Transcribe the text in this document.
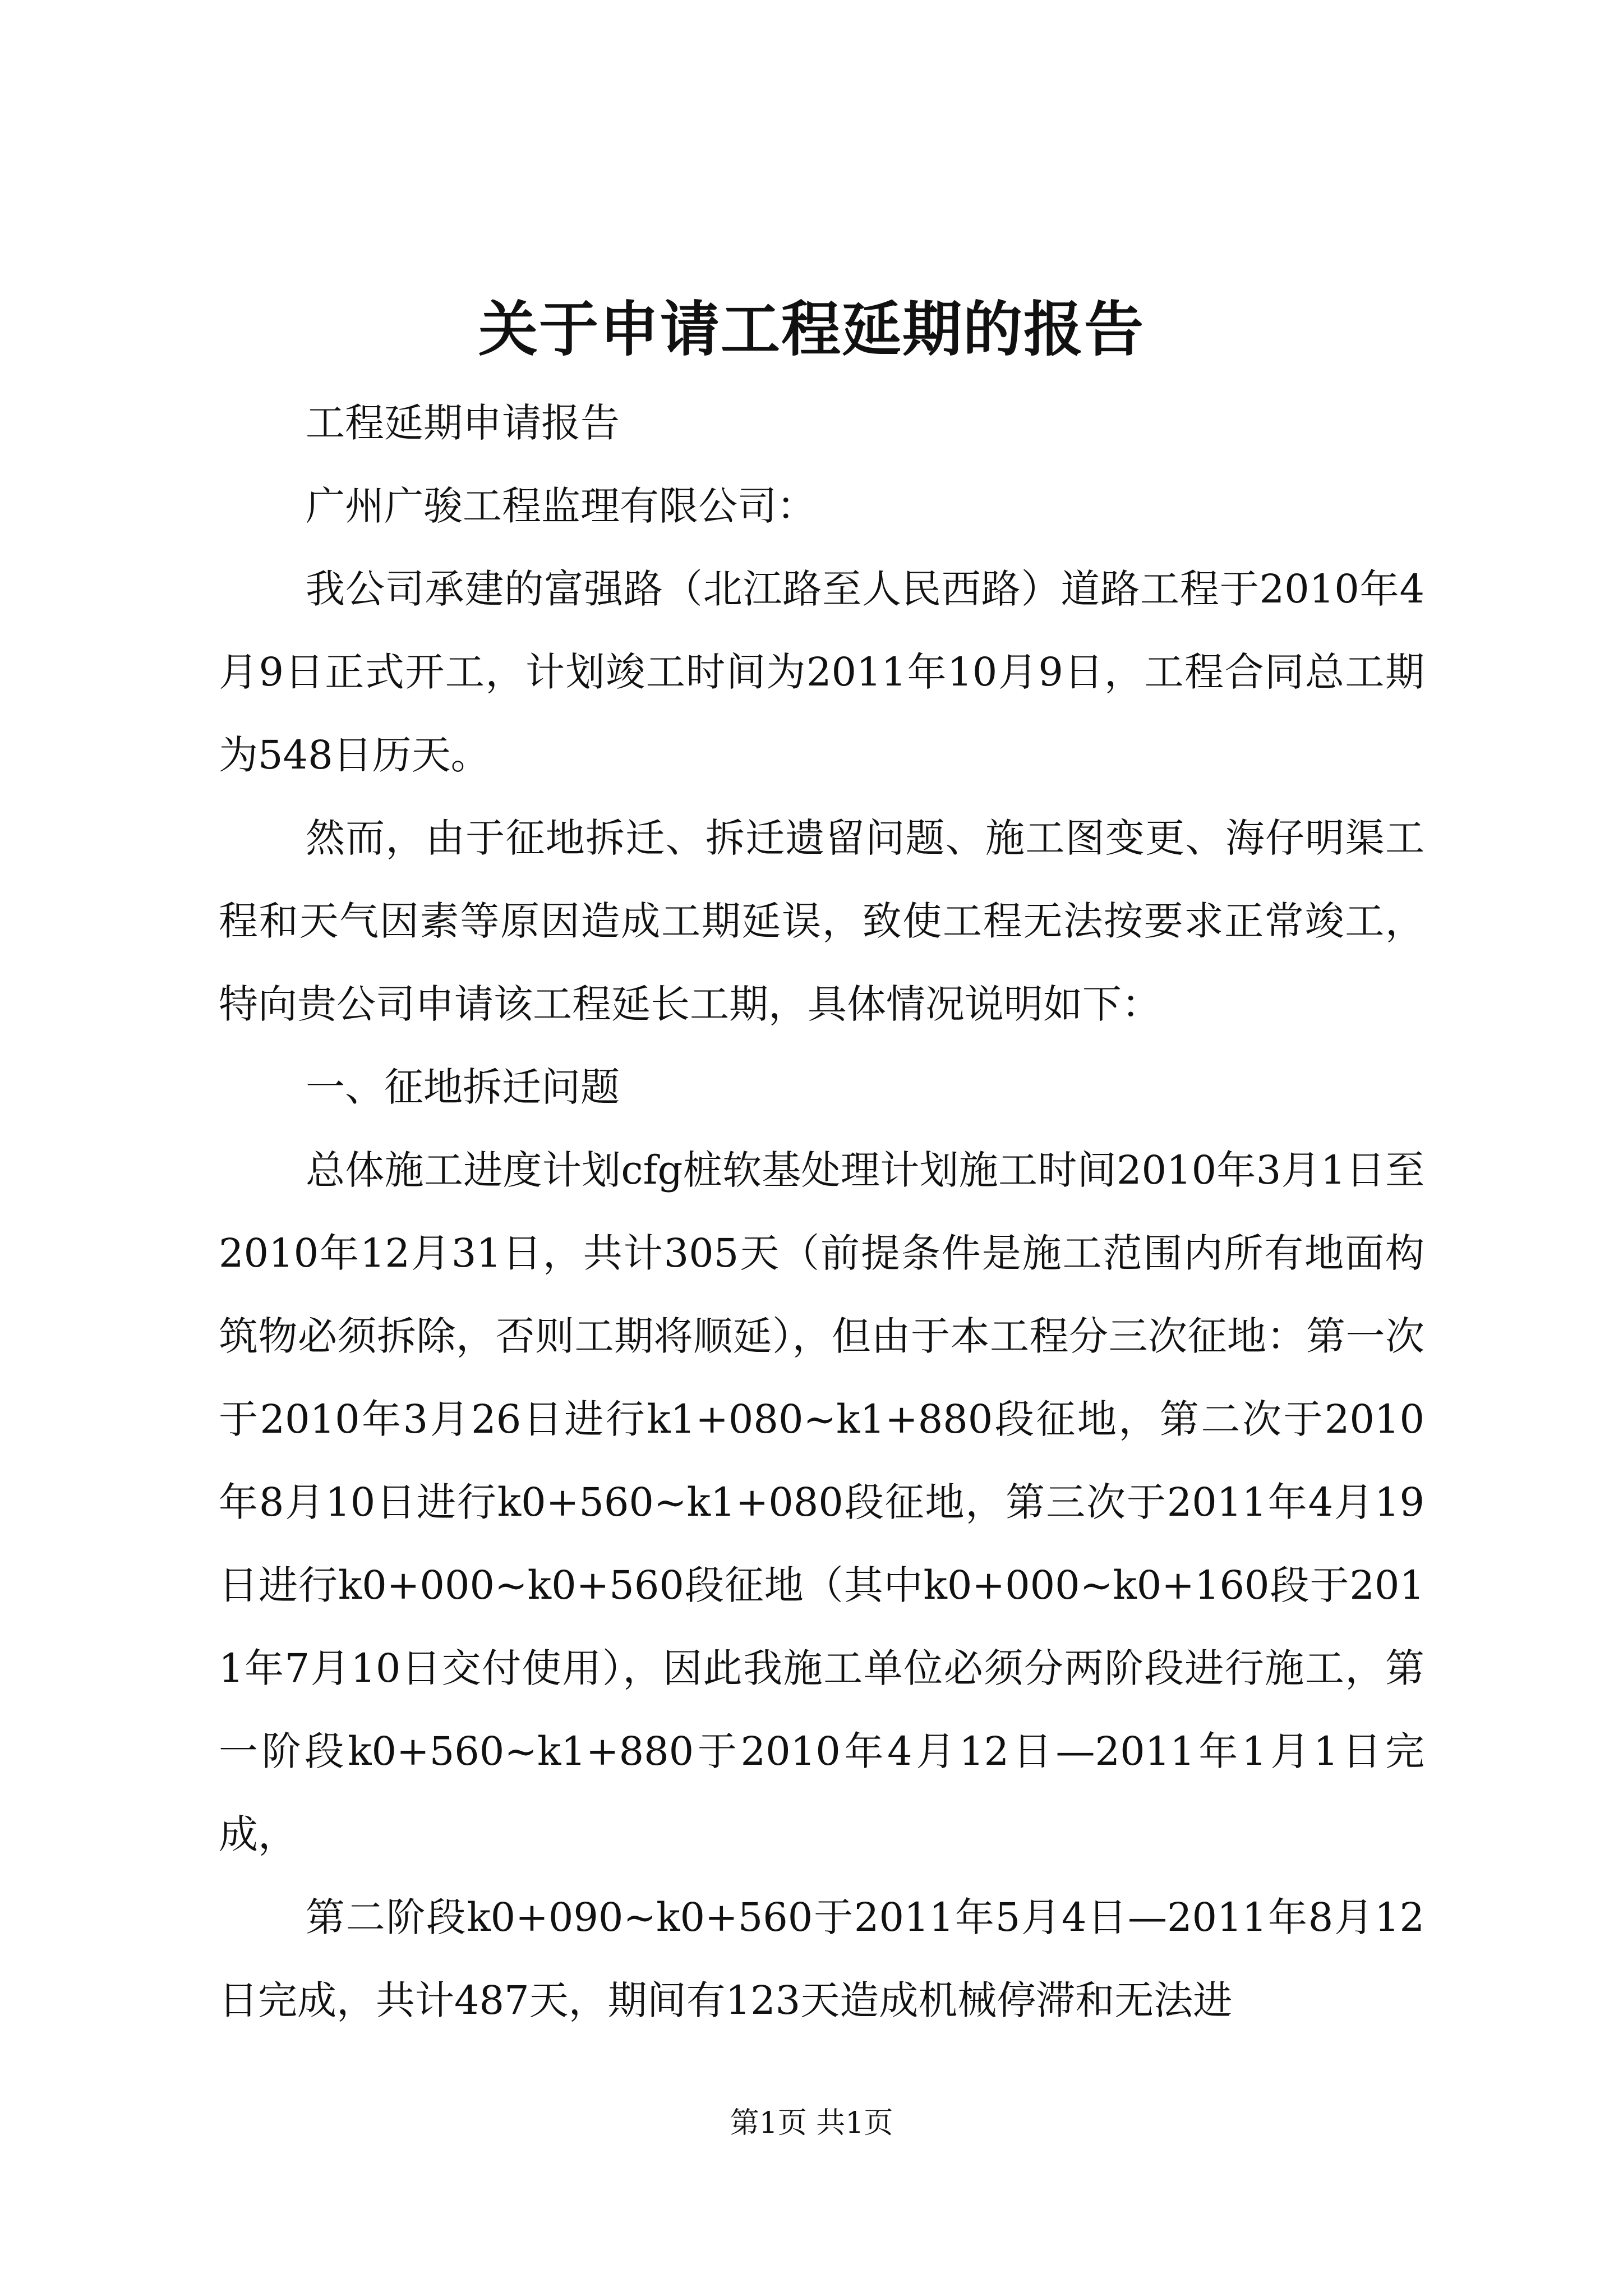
关于申请工程延期的报告

工程延期申请报告

广州广骏工程监理有限公司：

我公司承建的富强路（北江路至人民西路）道路工程于2010年4月9日正式开工，计划竣工时间为2011年10月9日，工程合同总工期为548日历天。

然而，由于征地拆迁、拆迁遗留问题、施工图变更、海仔明渠工程和天气因素等原因造成工期延误，致使工程无法按要求正常竣工，特向贵公司申请该工程延长工期，具体情况说明如下：

一、征地拆迁问题

总体施工进度计划cfg桩软基处理计划施工时间2010年3月1日至2010年12月31日，共计305天（前提条件是施工范围内所有地面构筑物必须拆除，否则工期将顺延），但由于本工程分三次征地：第一次于2010年3月26日进行k1+080~k1+880段征地，第二次于2010年8月10日进行k0+560~k1+080段征地，第三次于2011年4月19日进行k0+000~k0+560段征地（其中k0+000~k0+160段于2011年7月10日交付使用），因此我施工单位必须分两阶段进行施工，第一阶段k0+560~k1+880于2010年4月12日—2011年1月1日完成，

第二阶段k0+090~k0+560于2011年5月4日—2011年8月12日完成，共计487天，期间有123天造成机械停滞和无法进

第1页 共1页
